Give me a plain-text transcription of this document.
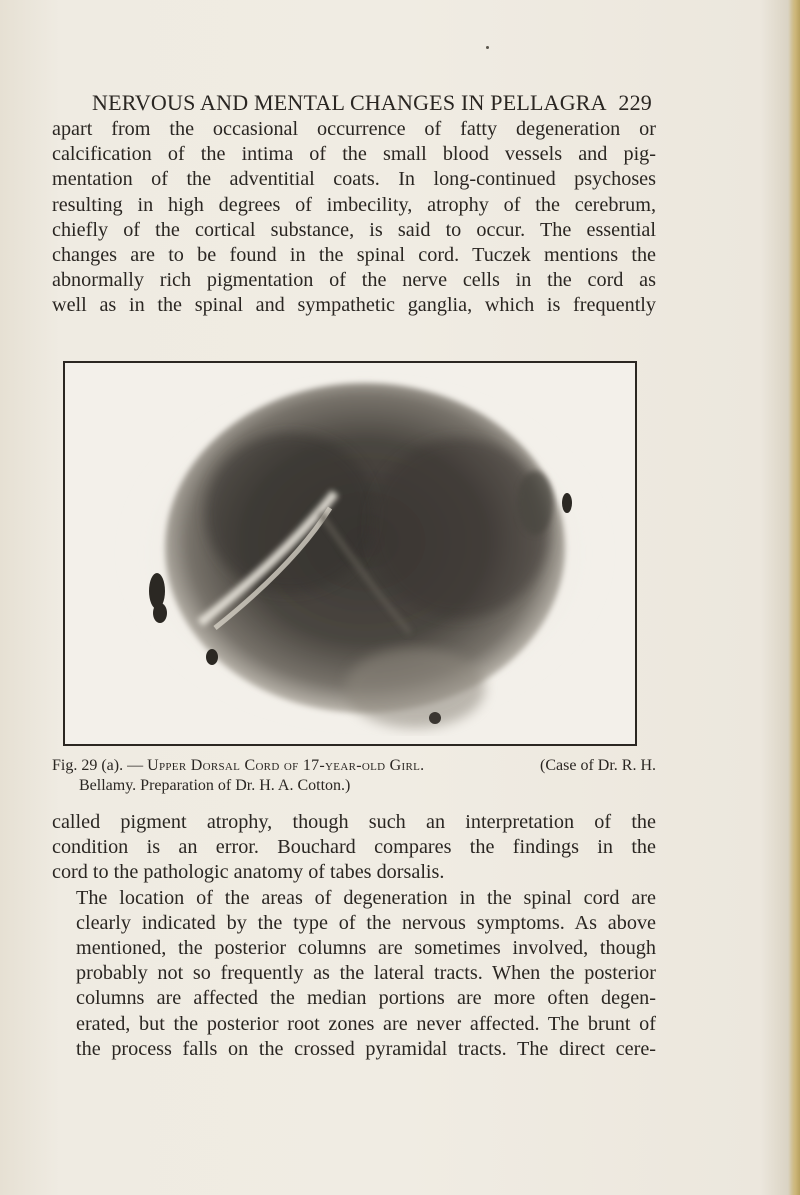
NERVOUS AND MENTAL CHANGES IN PELLAGRA 229

apart from the occasional occurrence of fatty degeneration or
calcification of the intima of the small blood vessels and pig-
mentation of the adventitial coats. In long-continued psychoses
resulting in high degrees of imbecility, atrophy of the cerebrum,
chiefly of the cortical substance, is said to occur. The essential
changes are to be found in the spinal cord. Tuczek mentions the
abnormally rich pigmentation of the nerve cells in the cord as
well as in the spinal and sympathetic ganglia, which is frequently

Fig. 29 (a). — Upper Dorsal Cord of 17-year-old Girl.	(Case of Dr. R. H.
Bellamy. Preparation of Dr. H. A. Cotton.)

called pigment atrophy, though such an interpretation of the
condition is an error. Bouchard compares the findings in the
cord to the pathologic anatomy of tabes dorsalis.

The location of the areas of degeneration in the spinal cord are
clearly indicated by the type of the nervous symptoms. As above
mentioned, the posterior columns are sometimes involved, though
probably not so frequently as the lateral tracts. When the posterior
columns are affected the median portions are more often degen-
erated, but the posterior root zones are never affected. The brunt of
the process falls on the crossed pyramidal tracts. The direct cere-
